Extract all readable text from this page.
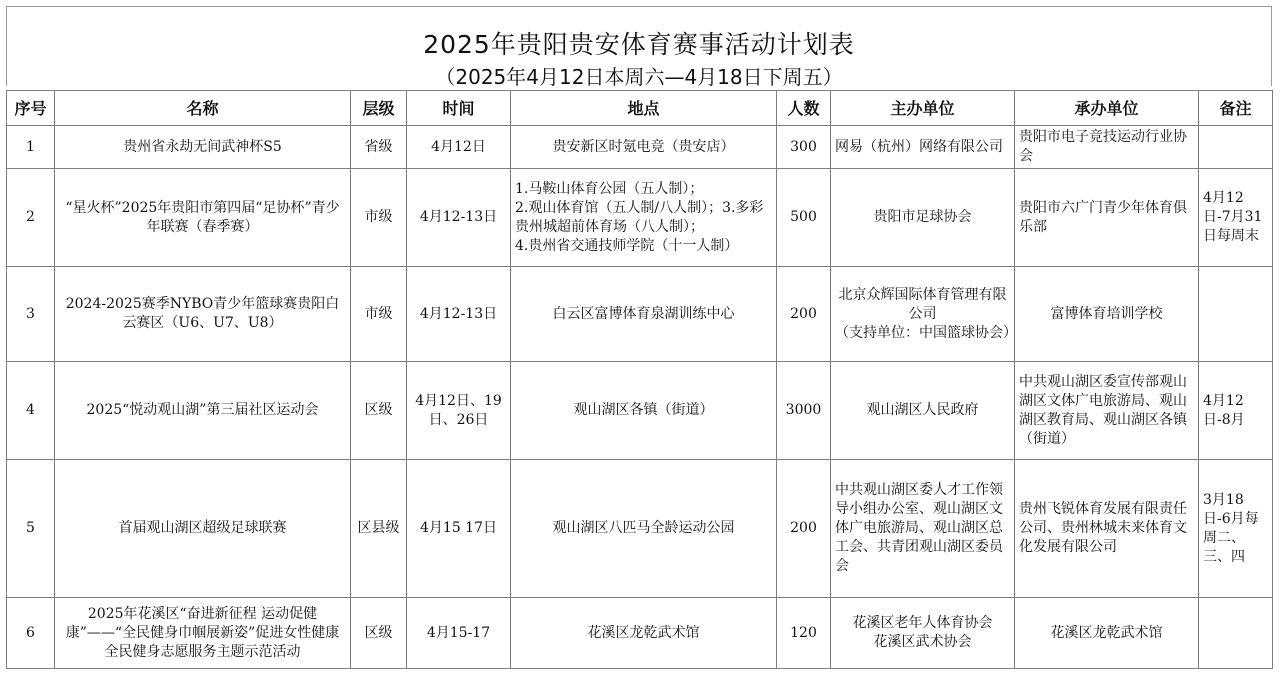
2025年贵阳贵安体育赛事活动计划表
（2025年4月12日本周六—4月18日下周五）
序号	名称	层级	时间	地点	人数	主办单位	承办单位	备注
1	贵州省永劫无间武神杯S5	省级	4月12日	贵安新区时氪电竞（贵安店）	300	网易（杭州）网络有限公司	贵阳市电子竞技运动行业协会	
2	“星火杯”2025年贵阳市第四届“足协杯”青少年联赛（春季赛）	市级	4月12-13日	1.马鞍山体育公园（五人制）；
2.观山体育馆（五人制/八人制）；3.多彩贵州城超前体育场（八人制）；
4.贵州省交通技师学院（十一人制）	500	贵阳市足球协会	贵阳市六广门青少年体育俱乐部	4月12日-7月31日每周末
3	2024-2025赛季NYBO青少年篮球赛贵阳白云赛区（U6、U7、U8）	市级	4月12-13日	白云区富博体育泉湖训练中心	200	北京众辉国际体育管理有限公司
（支持单位：中国篮球协会）	富博体育培训学校	
4	2025“悦动观山湖”第三届社区运动会	区级	4月12日、19日、26日	观山湖区各镇（街道）	3000	观山湖区人民政府	中共观山湖区委宣传部观山湖区文体广电旅游局、观山湖区教育局、观山湖区各镇（街道）	4月12日-8月
5	首届观山湖区超级足球联赛	区县级	4月15 17日	观山湖区八匹马全龄运动公园	200	中共观山湖区委人才工作领导小组办公室、观山湖区文体广电旅游局、观山湖区总工会、共青团观山湖区委员会	贵州飞锐体育发展有限责任公司、贵州林城未来体育文化发展有限公司	3月18日-6月每周二、三、四
6	2025年花溪区“奋进新征程 运动促健康”——“全民健身巾帼展新姿”促进女性健康全民健身志愿服务主题示范活动	区级	4月15-17	花溪区龙乾武术馆	120	花溪区老年人体育协会
花溪区武术协会	花溪区龙乾武术馆	
